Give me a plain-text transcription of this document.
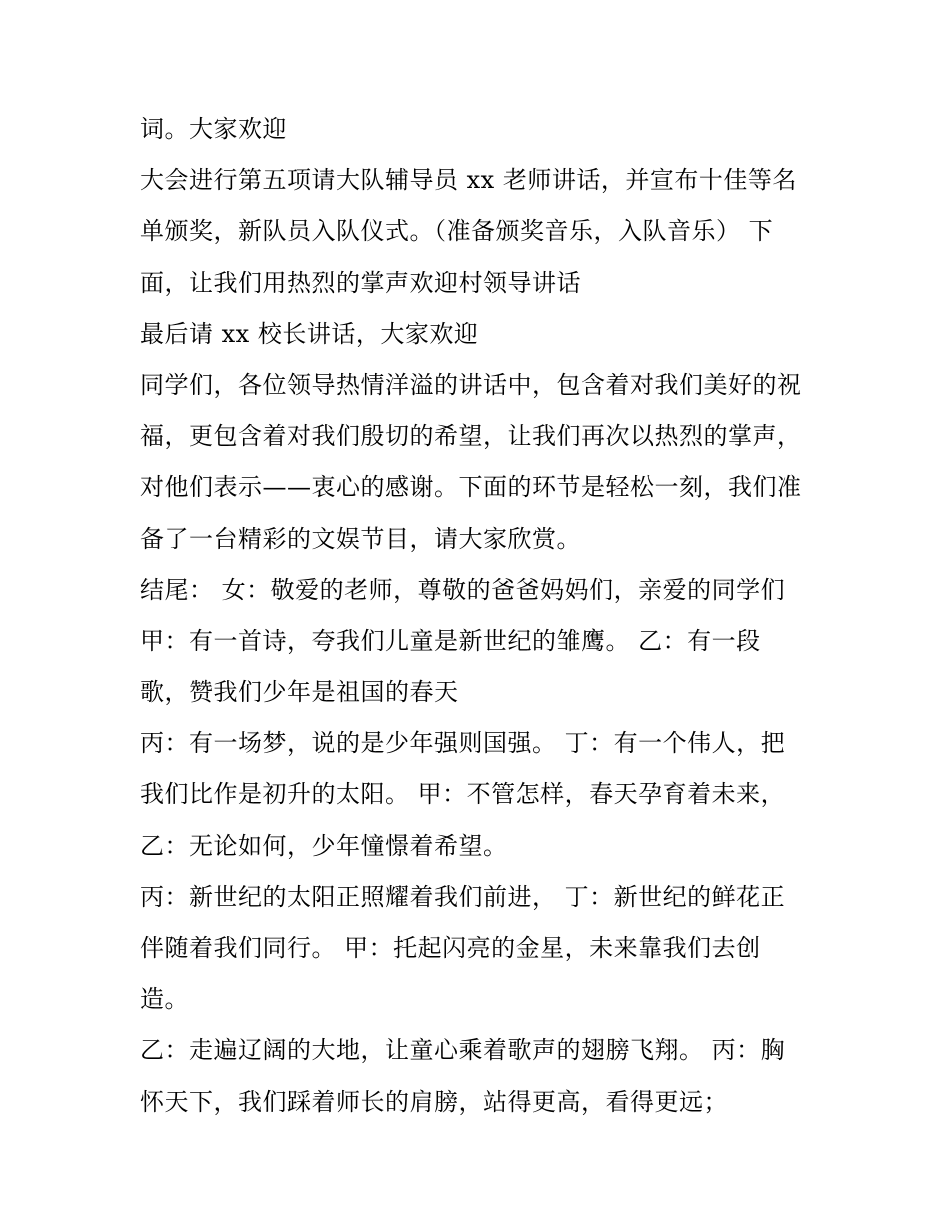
词。大家欢迎
大会进行第五项请大队辅导员 xx 老师讲话，并宣布十佳等名
单颁奖，新队员入队仪式。（准备颁奖音乐，入队音乐） 下
面，让我们用热烈的掌声欢迎村领导讲话
最后请 xx 校长讲话，大家欢迎
同学们，各位领导热情洋溢的讲话中，包含着对我们美好的祝
福，更包含着对我们殷切的希望，让我们再次以热烈的掌声，
对他们表示——衷心的感谢。下面的环节是轻松一刻，我们准
备了一台精彩的文娱节目，请大家欣赏。
结尾： 女：敬爱的老师，尊敬的爸爸妈妈们，亲爱的同学们
甲：有一首诗，夸我们儿童是新世纪的雏鹰。 乙：有一段
歌，赞我们少年是祖国的春天
丙：有一场梦，说的是少年强则国强。 丁：有一个伟人，把
我们比作是初升的太阳。 甲：不管怎样，春天孕育着未来，
乙：无论如何，少年憧憬着希望。
丙：新世纪的太阳正照耀着我们前进， 丁：新世纪的鲜花正
伴随着我们同行。 甲：托起闪亮的金星，未来靠我们去创
造。
乙：走遍辽阔的大地，让童心乘着歌声的翅膀飞翔。 丙：胸
怀天下，我们踩着师长的肩膀，站得更高，看得更远；
